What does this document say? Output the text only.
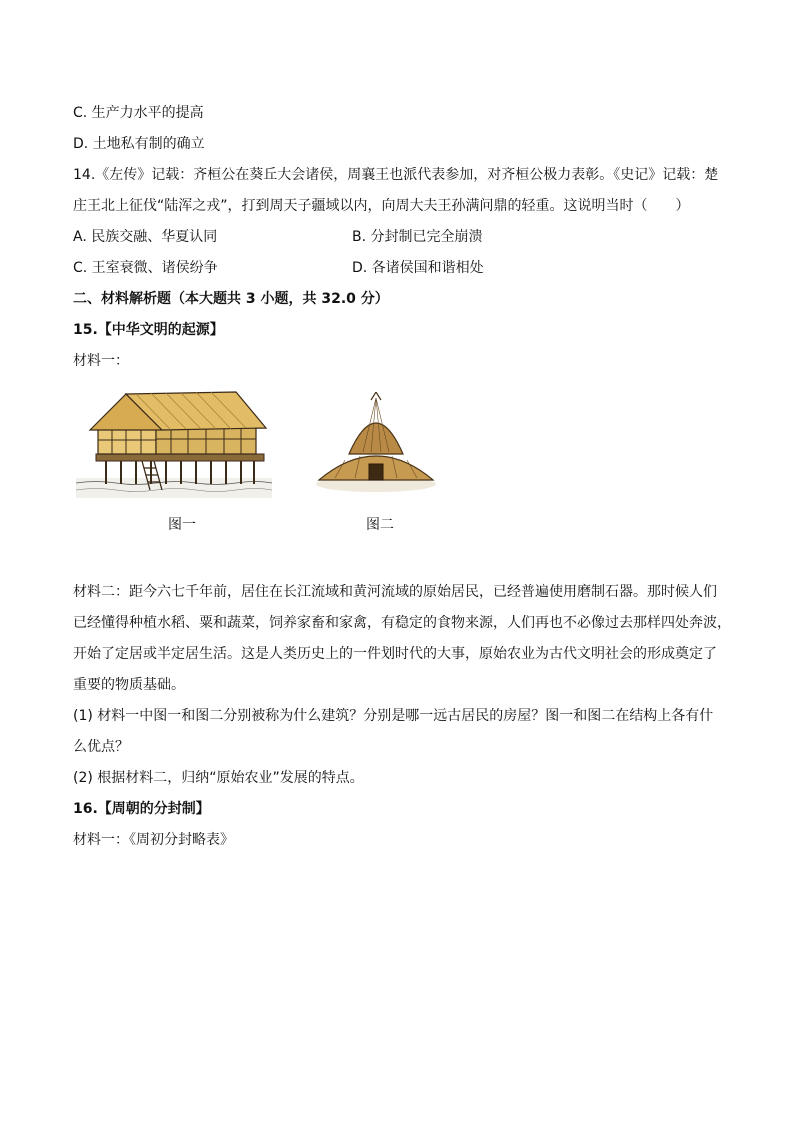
C. 生产力水平的提高
D. 土地私有制的确立
14.《左传》记载：齐桓公在葵丘大会诸侯，周襄王也派代表参加，对齐桓公极力表彰。《史记》记载：楚
庄王北上征伐“陆浑之戎”，打到周天子疆域以内，向周大夫王孙满问鼎的轻重。这说明当时（　　）
A. 民族交融、华夏认同	B. 分封制已完全崩溃
C. 王室衰微、诸侯纷争	D. 各诸侯国和谐相处
二、材料解析题（本大题共 3 小题，共 32.0 分）
15.【中华文明的起源】
材料一：
图一	图二
材料二：距今六七千年前，居住在长江流域和黄河流域的原始居民，已经普遍使用磨制石器。那时候人们
已经懂得种植水稻、粟和蔬菜，饲养家畜和家禽，有稳定的食物来源，人们再也不必像过去那样四处奔波，
开始了定居或半定居生活。这是人类历史上的一件划时代的大事，原始农业为古代文明社会的形成奠定了
重要的物质基础。
(1) 材料一中图一和图二分别被称为什么建筑？分别是哪一远古居民的房屋？图一和图二在结构上各有什
么优点？
(2) 根据材料二，归纳“原始农业”发展的特点。
16.【周朝的分封制】
材料一：《周初分封略表》
